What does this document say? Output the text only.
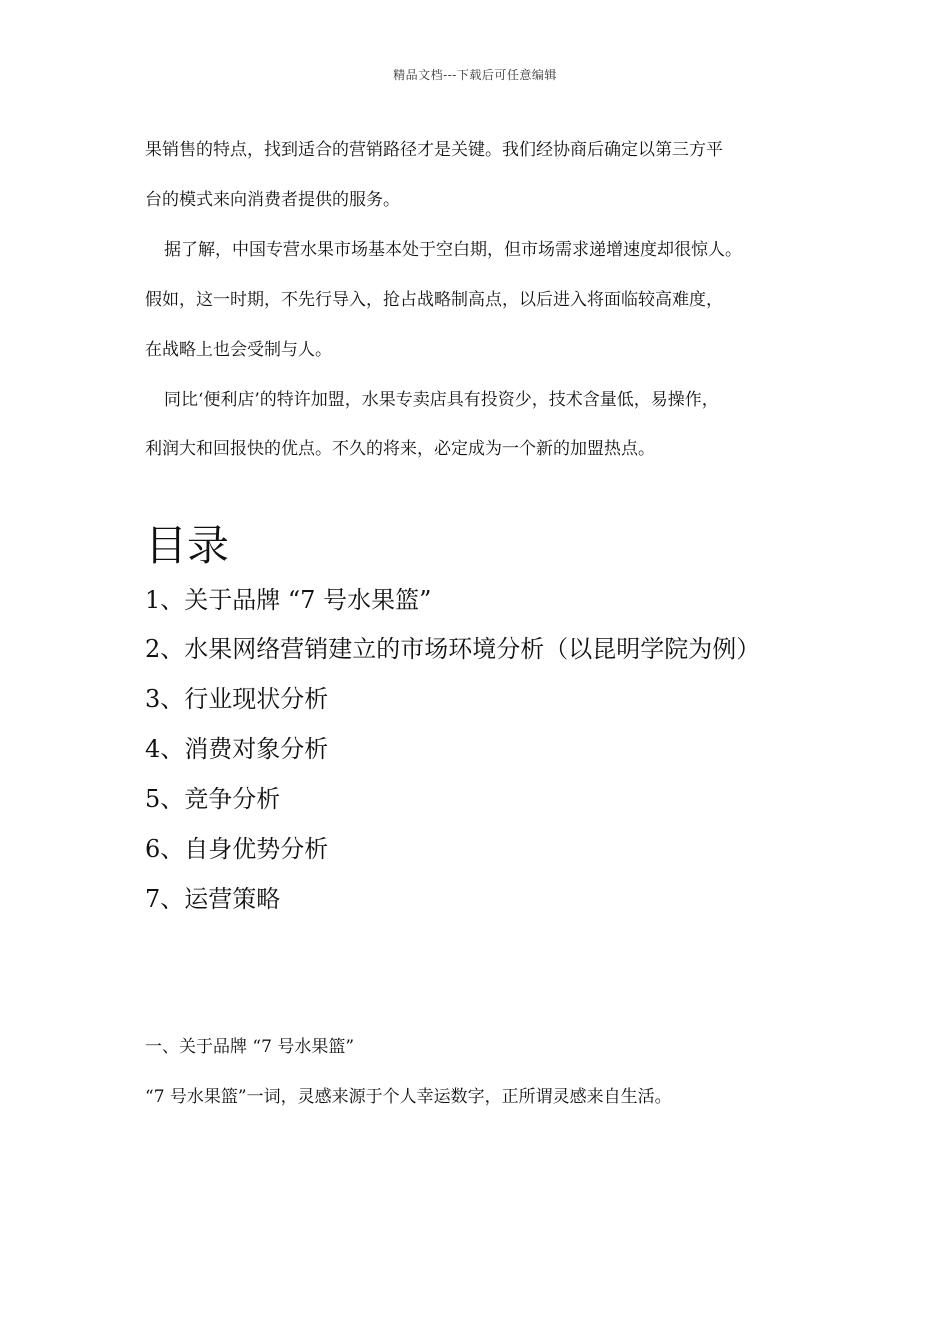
精品文档---下载后可任意编辑
果销售的特点，找到适合的营销路径才是关键。我们经协商后确定以第三方平
台的模式来向消费者提供的服务。
据了解，中国专营水果市场基本处于空白期，但市场需求递增速度却很惊人。
假如，这一时期，不先行导入，抢占战略制高点，以后进入将面临较高难度，
在战略上也会受制与人。
同比‘便利店’的特许加盟，水果专卖店具有投资少，技术含量低，易操作，
利润大和回报快的优点。不久的将来，必定成为一个新的加盟热点。
目录
1、关于品牌 “7 号水果篮”
2、水果网络营销建立的市场环境分析（以昆明学院为例）
3、行业现状分析
4、消费对象分析
5、竞争分析
6、自身优势分析
7、运营策略
一、关于品牌 “7 号水果篮”
“7 号水果篮”一词，灵感来源于个人幸运数字，正所谓灵感来自生活。
